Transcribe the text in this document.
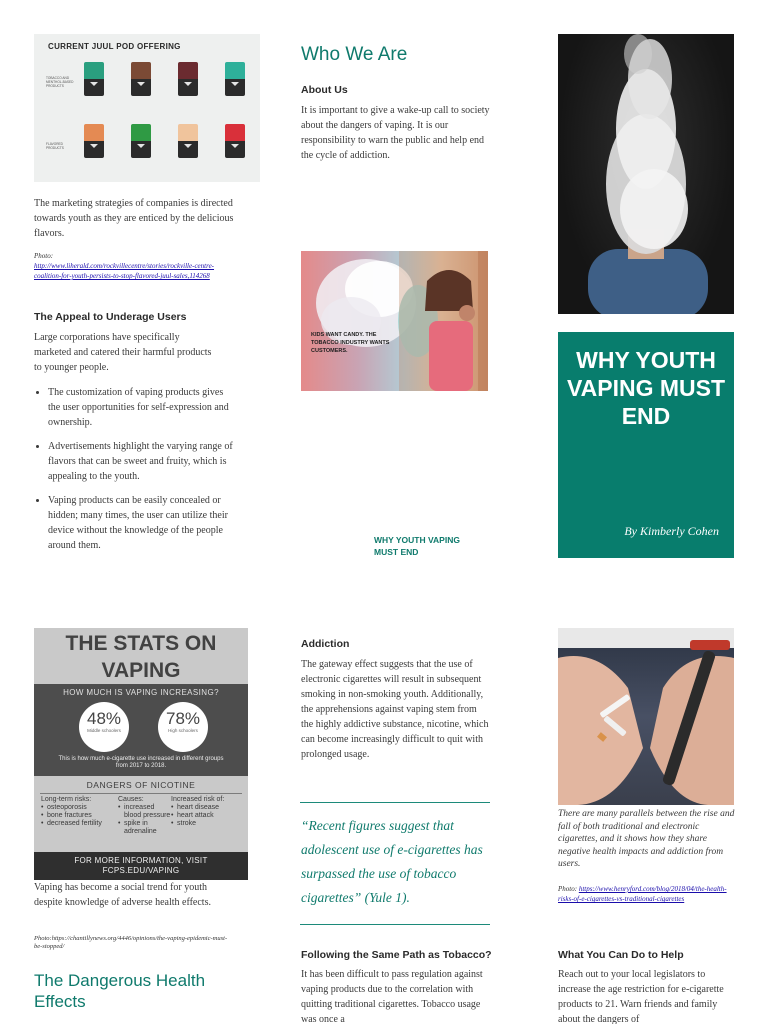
CURRENT JUUL POD OFFERING
TOBACCO AND MENTHOL-BASED PRODUCTS
FLAVORED PRODUCTS
The marketing strategies of companies is directed towards youth as they are enticed by the delicious flavors.
Photo:
http://www.liherald.com/rockvillecentre/stories/rockville-centre-coalition-for-youth-persists-to-stop-flavored-juul-sales,114268
The Appeal to Underage Users
Large corporations have specifically marketed and catered their harmful products to younger people.
• The customization of vaping products gives the user opportunities for self-expression and ownership.
• Advertisements highlight the varying range of flavors that can be sweet and fruity, which is appealing to the youth.
• Vaping products can be easily concealed or hidden; many times, the user can utilize their device without the knowledge of the people around them.
Who We Are
About Us
It is important to give a wake-up call to society about the dangers of vaping. It is our responsibility to warn the public and help end the cycle of addiction.
KIDS WANT CANDY. THE TOBACCO INDUSTRY WANTS CUSTOMERS.
WHY YOUTH VAPING MUST END
WHY YOUTH VAPING MUST END
By Kimberly Cohen
THE STATS ON VAPING
HOW MUCH IS VAPING INCREASING?
48%
Middle schoolers
78%
High schoolers
This is how much e-cigarette use increased in different groups from 2017 to 2018.
DANGERS OF NICOTINE
Long-term risks:
• osteoporosis
• bone fractures
• decreased fertility
Causes:
• increased blood pressure
• spike in adrenaline
Increased risk of:
• heart disease
• heart attack
• stroke
FOR MORE INFORMATION, VISIT FCPS.EDU/VAPING
Vaping has become a social trend for youth despite knowledge of adverse health effects.
Photo:https://chantillynews.org/4446/opinions/the-vaping-epidemic-must-be-stopped/
The Dangerous Health Effects
Addiction
The gateway effect suggests that the use of electronic cigarettes will result in subsequent smoking in non-smoking youth. Additionally, the apprehensions against vaping stem from the highly addictive substance, nicotine, which can become increasingly difficult to quit with prolonged usage.
“Recent figures suggest that adolescent use of e-cigarettes has surpassed the use of tobacco cigarettes” (Yule 1).
Following the Same Path as Tobacco?
It has been difficult to pass regulation against vaping products due to the correlation with quitting traditional cigarettes. Tobacco usage was once a
There are many parallels between the rise and fall of both traditional and electronic cigarettes, and it shows how they share negative health impacts and addiction from users.
Photo: https://www.henryford.com/blog/2018/04/the-health-risks-of-e-cigarettes-vs-traditional-cigarettes
What You Can Do to Help
Reach out to your local legislators to increase the age restriction for e-cigarette products to 21. Warn friends and family about the dangers of
